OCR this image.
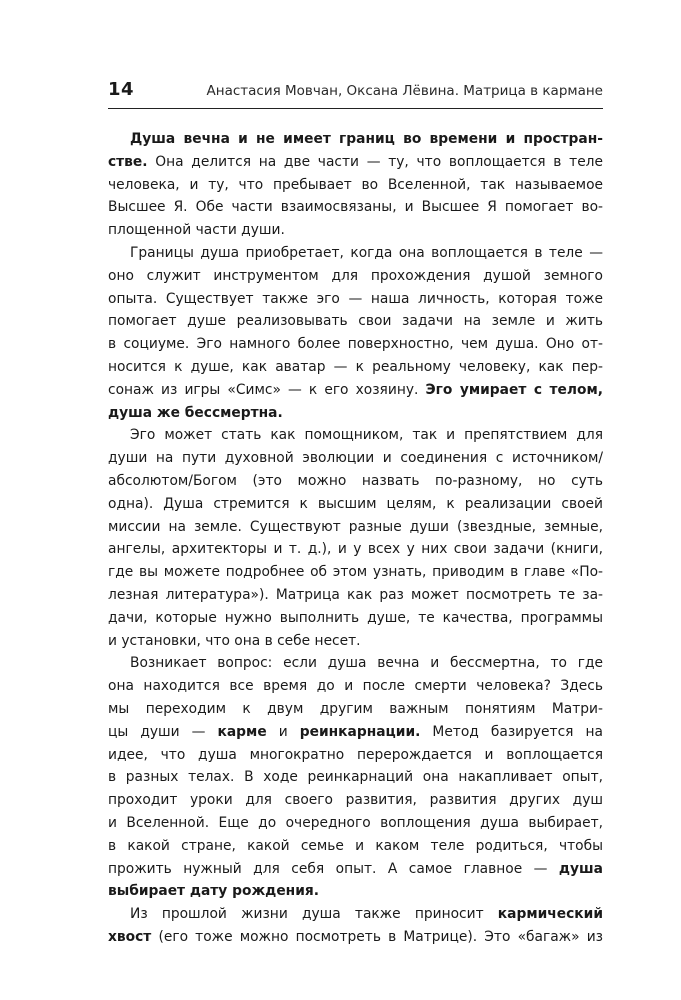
14	Анастасия Мовчан, Оксана Лёвина. Матрица в кармане
Душа вечна и не имеет границ во времени и простран-
стве. Она делится на две части — ту, что воплощается в теле
человека, и ту, что пребывает во Вселенной, так называемое
Высшее Я. Обе части взаимосвязаны, и Высшее Я помогает во-
площенной части души.
Границы душа приобретает, когда она воплощается в теле —
оно служит инструментом для прохождения душой земного
опыта. Существует также эго — наша личность, которая тоже
помогает душе реализовывать свои задачи на земле и жить
в социуме. Эго намного более поверхностно, чем душа. Оно от-
носится к душе, как аватар — к реальному человеку, как пер-
сонаж из игры «Симс» — к его хозяину. Эго умирает с телом,
душа же бессмертна.
Эго может стать как помощником, так и препятствием для
души на пути духовной эволюции и соединения с источником/
абсолютом/Богом (это можно назвать по-разному, но суть
одна). Душа стремится к высшим целям, к реализации своей
миссии на земле. Существуют разные души (звездные, земные,
ангелы, архитекторы и т. д.), и у всех у них свои задачи (книги,
где вы можете подробнее об этом узнать, приводим в главе «По-
лезная литература»). Матрица как раз может посмотреть те за-
дачи, которые нужно выполнить душе, те качества, программы
и установки, что она в себе несет.
Возникает вопрос: если душа вечна и бессмертна, то где
она находится все время до и после смерти человека? Здесь
мы переходим к двум другим важным понятиям Матри-
цы души — карме и реинкарнации. Метод базируется на
идее, что душа многократно перерождается и воплощается
в разных телах. В ходе реинкарнаций она накапливает опыт,
проходит уроки для своего развития, развития других душ
и Вселенной. Еще до очередного воплощения душа выбирает,
в какой стране, какой семье и каком теле родиться, чтобы
прожить нужный для себя опыт. А самое главное — душа
выбирает дату рождения.
Из прошлой жизни душа также приносит кармический
хвост (его тоже можно посмотреть в Матрице). Это «багаж» из
